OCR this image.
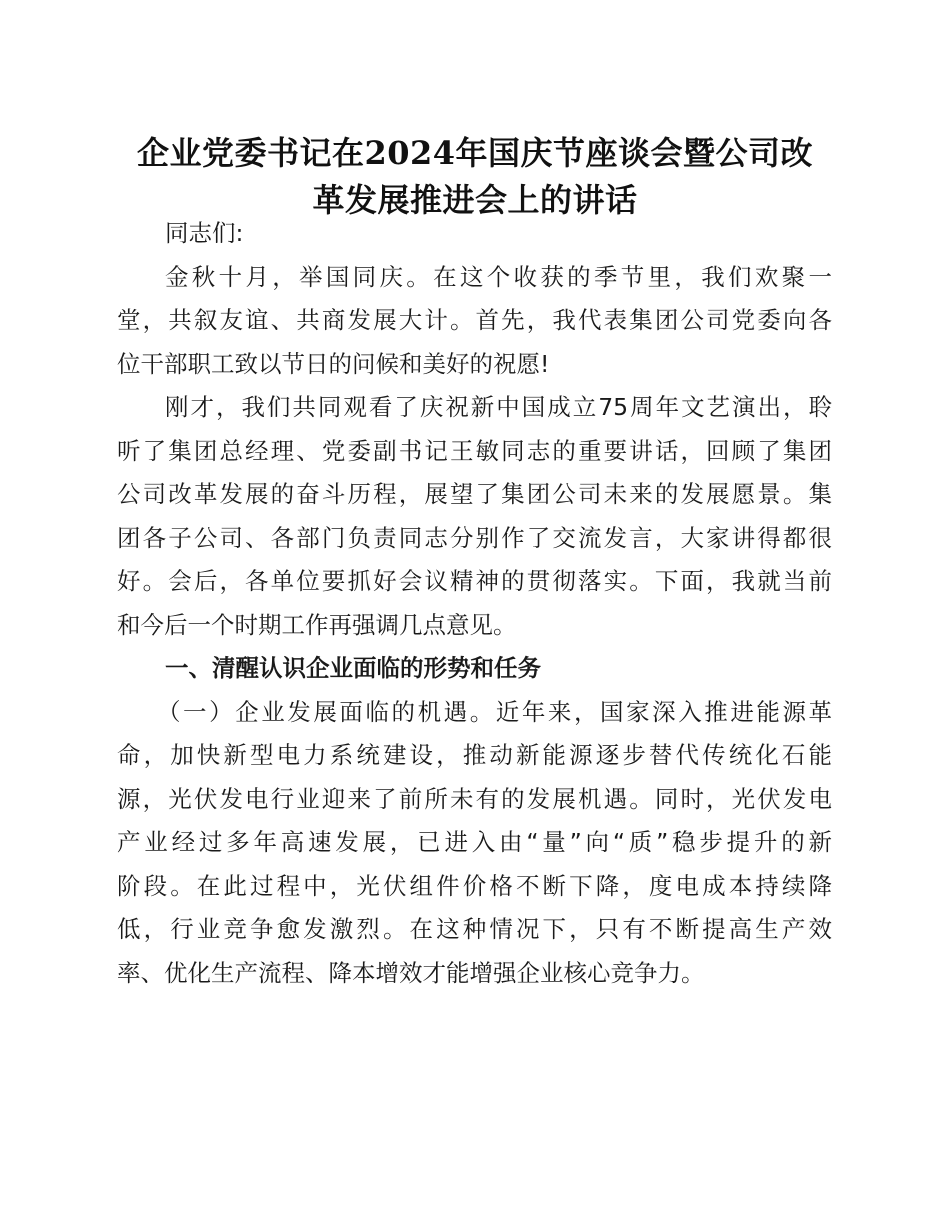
企业党委书记在2024年国庆节座谈会暨公司改
革发展推进会上的讲话
同志们:
金秋十月，举国同庆。在这个收获的季节里，我们欢聚一
堂，共叙友谊、共商发展大计。首先，我代表集团公司党委向各
位干部职工致以节日的问候和美好的祝愿!
刚才，我们共同观看了庆祝新中国成立75周年文艺演出，聆
听了集团总经理、党委副书记王敏同志的重要讲话，回顾了集团
公司改革发展的奋斗历程，展望了集团公司未来的发展愿景。集
团各子公司、各部门负责同志分别作了交流发言，大家讲得都很
好。会后，各单位要抓好会议精神的贯彻落实。下面，我就当前
和今后一个时期工作再强调几点意见。
一、清醒认识企业面临的形势和任务
（一）企业发展面临的机遇。近年来，国家深入推进能源革
命，加快新型电力系统建设，推动新能源逐步替代传统化石能
源，光伏发电行业迎来了前所未有的发展机遇。同时，光伏发电
产业经过多年高速发展，已进入由“量”向“质”稳步提升的新
阶段。在此过程中，光伏组件价格不断下降，度电成本持续降
低，行业竞争愈发激烈。在这种情况下，只有不断提高生产效
率、优化生产流程、降本增效才能增强企业核心竞争力。
